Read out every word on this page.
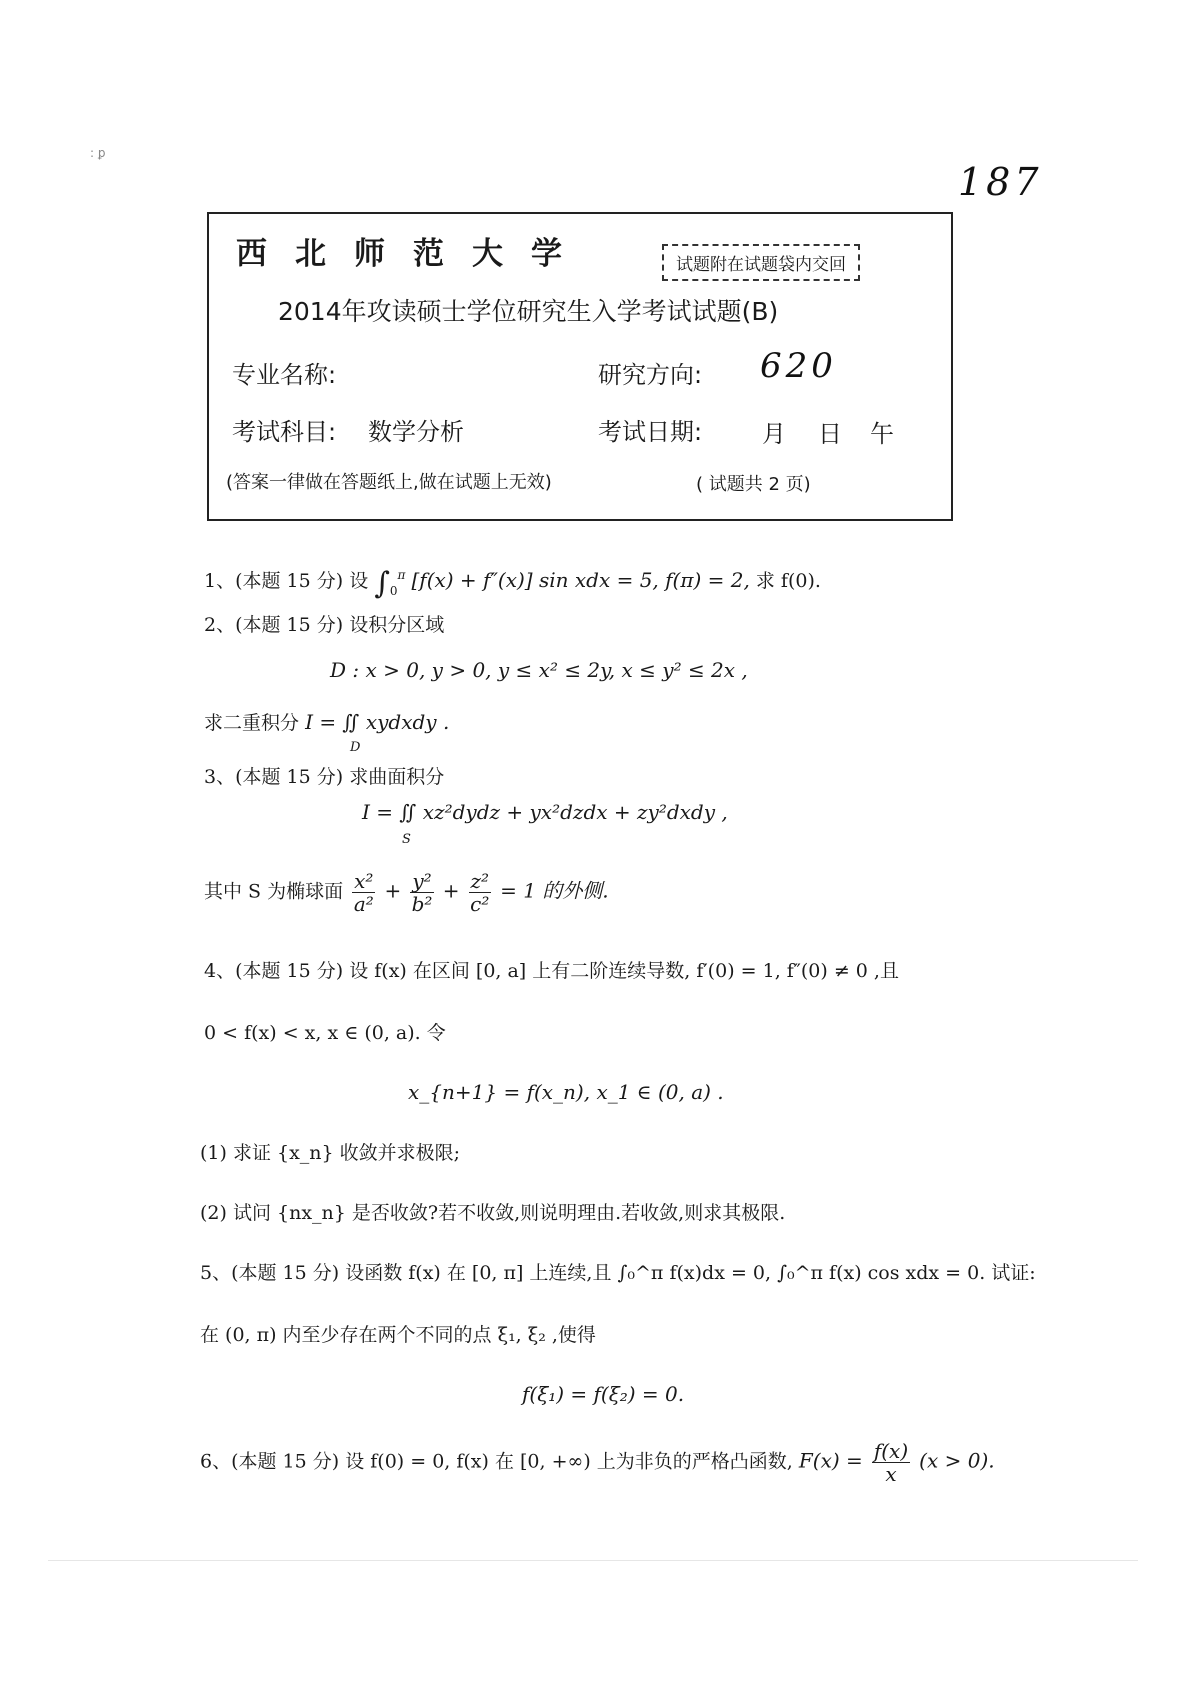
: ꝑ
187
西北师范大学	试题附在试题袋内交回
2014年攻读硕士学位研究生入学考试试题(B)
专业名称:	研究方向: 620
考试科目: 数学分析	考试日期: 月 日 午
(答案一律做在答题纸上,做在试题上无效)	( 试题共 2 页)
1、(本题 15 分) 设 $\int_0^\pi$ [f(x) + f″(x)] sin xdx = 5, f(π) = 2, 求 f(0).
2、(本题 15 分) 设积分区域
D : x > 0, y > 0, y ≤ x² ≤ 2y, x ≤ y² ≤ 2x ,
求二重积分 I = ∬ xydxdy .
D
3、(本题 15 分) 求曲面积分
I = ∬ xz²dydz + yx²dzdx + zy²dxdy ,
S
其中 S 为椭球面 $\frac{\text{x²}}{\text{a²}} + \frac{\text{y²}}{\text{b²}} + \frac{\text{z²}}{\text{c²}} = 1$ 的外侧.
4、(本题 15 分) 设 f(x) 在区间 [0, a] 上有二阶连续导数, f′(0) = 1, f″(0) ≠ 0 ,且
0 < f(x) < x, x ∈ (0, a). 令
x_{n+1} = f(x_n), x_1 ∈ (0, a) .
(1) 求证 {x_n} 收敛并求极限;
(2) 试问 {nx_n} 是否收敛?若不收敛,则说明理由.若收敛,则求其极限.
5、(本题 15 分) 设函数 f(x) 在 [0, π] 上连续,且 ∫₀^π f(x)dx = 0, ∫₀^π f(x) cos xdx = 0. 试证:
在 (0, π) 内至少存在两个不同的点 ξ₁, ξ₂ ,使得
f(ξ₁) = f(ξ₂) = 0.
6、(本题 15 分) 设 f(0) = 0, f(x) 在 [0, +∞) 上为非负的严格凸函数, $F(x) = \frac{f(x)}{x} (x > 0)$.
